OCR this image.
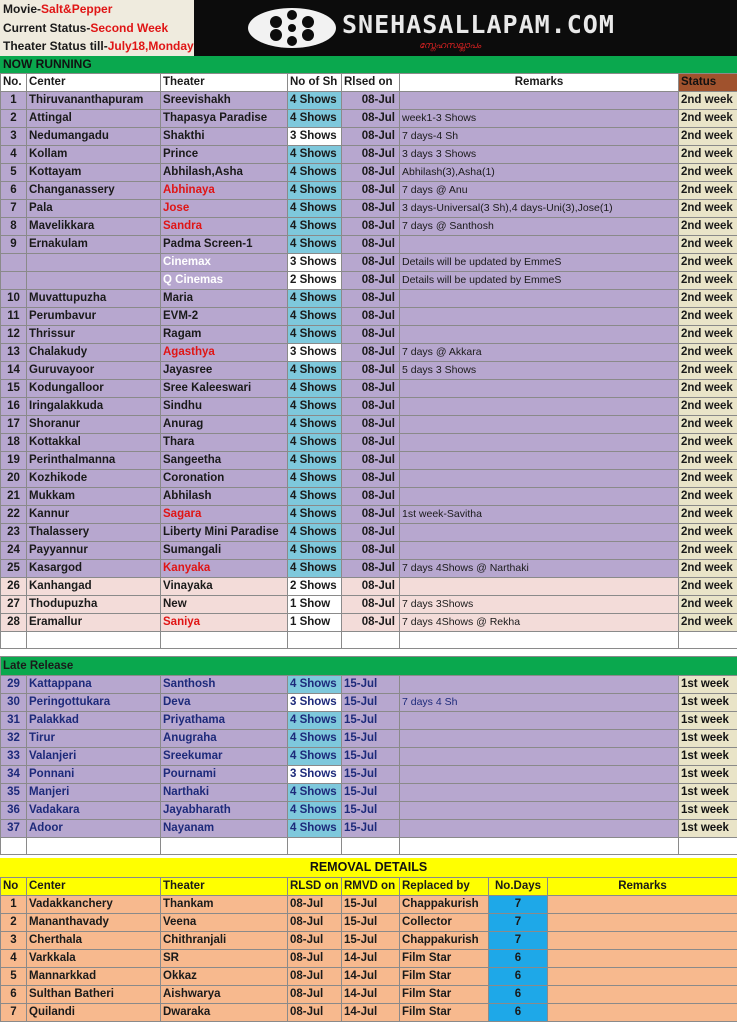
Movie-Salt&Pepper
Current Status-Second Week
Theater Status till-July18,Monday
SNEHASALLAPAM.COM
സ്നേഹസല്ലാപം
NOW RUNNING
No.	Center	Theater	No of Sh	Rlsed on	Remarks	Status
1	Thiruvananthapuram	Sreevishakh	4 Shows	08-Jul		2nd week
2	Attingal	Thapasya Paradise	4 Shows	08-Jul	week1-3 Shows	2nd week
3	Nedumangadu	Shakthi	3 Shows	08-Jul	7 days-4 Sh	2nd week
4	Kollam	Prince	4 Shows	08-Jul	3 days 3 Shows	2nd week
5	Kottayam	Abhilash,Asha	4 Shows	08-Jul	Abhilash(3),Asha(1)	2nd week
6	Changanassery	Abhinaya	4 Shows	08-Jul	7 days @ Anu	2nd week
7	Pala	Jose	4 Shows	08-Jul	3 days-Universal(3 Sh),4 days-Uni(3),Jose(1)	2nd week
8	Mavelikkara	Sandra	4 Shows	08-Jul	7 days @ Santhosh	2nd week
9	Ernakulam	Padma Screen-1	4 Shows	08-Jul		2nd week
		Cinemax	3 Shows	08-Jul	Details will be updated by EmmeS	2nd week
		Q Cinemas	2 Shows	08-Jul	Details will be updated by EmmeS	2nd week
10	Muvattupuzha	Maria	4 Shows	08-Jul		2nd week
11	Perumbavur	EVM-2	4 Shows	08-Jul		2nd week
12	Thrissur	Ragam	4 Shows	08-Jul		2nd week
13	Chalakudy	Agasthya	3 Shows	08-Jul	7 days @ Akkara	2nd week
14	Guruvayoor	Jayasree	4 Shows	08-Jul	5 days 3 Shows	2nd week
15	Kodungalloor	Sree Kaleeswari	4 Shows	08-Jul		2nd week
16	Iringalakkuda	Sindhu	4 Shows	08-Jul		2nd week
17	Shoranur	Anurag	4 Shows	08-Jul		2nd week
18	Kottakkal	Thara	4 Shows	08-Jul		2nd week
19	Perinthalmanna	Sangeetha	4 Shows	08-Jul		2nd week
20	Kozhikode	Coronation	4 Shows	08-Jul		2nd week
21	Mukkam	Abhilash	4 Shows	08-Jul		2nd week
22	Kannur	Sagara	4 Shows	08-Jul	1st week-Savitha	2nd week
23	Thalassery	Liberty Mini Paradise	4 Shows	08-Jul		2nd week
24	Payyannur	Sumangali	4 Shows	08-Jul		2nd week
25	Kasargod	Kanyaka	4 Shows	08-Jul	7 days 4Shows @ Narthaki	2nd week
26	Kanhangad	Vinayaka	2 Shows	08-Jul		2nd week
27	Thodupuzha	New	1 Show	08-Jul	7 days 3Shows	2nd week
28	Eramallur	Saniya	1 Show	08-Jul	7 days 4Shows @ Rekha	2nd week

Late Release						
29	Kattappana	Santhosh	4 Shows	15-Jul		1st week
30	Peringottukara	Deva	3 Shows	15-Jul	7 days 4 Sh	1st week
31	Palakkad	Priyathama	4 Shows	15-Jul		1st week
32	Tirur	Anugraha	4 Shows	15-Jul		1st week
33	Valanjeri	Sreekumar	4 Shows	15-Jul		1st week
34	Ponnani	Pournami	3 Shows	15-Jul		1st week
35	Manjeri	Narthaki	4 Shows	15-Jul		1st week
36	Vadakara	Jayabharath	4 Shows	15-Jul		1st week
37	Adoor	Nayanam	4 Shows	15-Jul		1st week

REMOVAL DETAILS
No	Center	Theater	RLSD on	RMVD on	Replaced by	No.Days	Remarks
1	Vadakkanchery	Thankam	08-Jul	15-Jul	Chappakurish	7	
2	Mananthavady	Veena	08-Jul	15-Jul	Collector	7	
3	Cherthala	Chithranjali	08-Jul	15-Jul	Chappakurish	7	
4	Varkkala	SR	08-Jul	14-Jul	Film Star	6	
5	Mannarkkad	Okkaz	08-Jul	14-Jul	Film Star	6	
6	Sulthan Batheri	Aishwarya	08-Jul	14-Jul	Film Star	6	
7	Quilandi	Dwaraka	08-Jul	14-Jul	Film Star	6	
